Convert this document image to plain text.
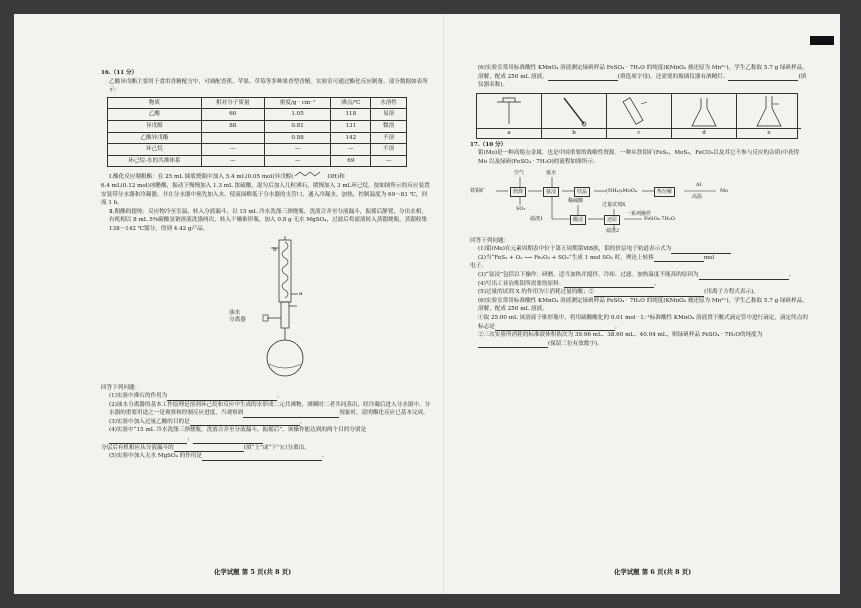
16.（11 分）

乙酸异戊酯主要用于食用香精配方中，可调配香蕉、苹果、草莓等多种果香型香精。实验室可通过酯化反应制备，部分数据如表所示：

物质	相对分子质量	密度/g · cm⁻¹	沸点/℃	水溶性
乙酸	60	1.05	118	易溶
异戊醇	88	0.81	131	微溶
乙酸异戊酯		0.88	142	不溶
环己烷	—	—	—	不溶
环己烷-水的共沸体系	—	—	69	—

Ⅰ.酯化反应制粗酯：在 25 mL 圆底烧瓶中加入 5.4 mL(0.05 mol)异戊醇(	OH)和

6.4 mL(0.12 mol)冰醋酸，振动下慢慢加入 1.3 mL 浓硫酸，混匀后加入几粒沸石，缓慢加入 3 mL环己烷，按如图所示的反应装置安装带分水器和冷凝器，并在分水器中预先加入水，使液面略低于分水器的支管口，通入冷凝水，加热，控制温度为 69～81 ℃，回流 1 h。

Ⅱ.粗酯的提纯：反应物冷至室温，转入分液漏斗，以 15 mL 冷水洗涤三颈烧瓶，洗液合并至分液漏斗，振摇后静置，分出水相，有机相以 8 mL 5%碳酸氢钠溶液洗涤两次，转入干燥锥形瓶，加入 0.8 g 无水 MgSO₄，过滤后将滤液转入蒸馏烧瓶，蒸馏收集 138～142 ℃馏分，得到 4.42 g产品。

b
a
油水
分离器

回答下列问题：

(1)实验中沸石的作用为	。

(2)油水分离器的基本工作原理是溶剂环己烷和反应中生成的水形成二元共沸物，沸腾时二者共同蒸出，经冷凝后进入分水器中。分水器的重要用途之一是观察和控制反应进度，当观察到	现象时，说明酯化反应已基本完成。

(3)实验中加入过量乙酸的目的是	。

(4)实验中“15 mL 冷水洗涤三颈烧瓶，洗液合并至分液漏斗，振摇后”，该操作能达到的两个目的分别是；

分层后有机相应从分液漏斗的	(填“上”或“下”)口分离出。

(5)实验中加入无水 MgSO₄ 的作用是	。

化学试题 第 5 页(共 8 页)

(6)实验室常用标准酸性 KMnO₄ 溶液测定绿矾样品 FeSO₄ · 7H₂O 的纯度(KMnO₄ 被还原为 Mn²⁺)，学生乙称取 5.7 g 绿矾样品，溶解，配成 250 mL 溶液。	(填选项字母)，还需要的玻璃仪器有酒精灯、	(填仪器名称)。

a	b	c	d	e

17.（10 分）

钼(Mo)是一种高熔点金属，也是中国重要的战略性资源。一种从铁钼矿(FeS₂，MoS₂，FeCO₃以及其它不参与反应的杂质)中获得 Mo 以及绿矾(FeSO₄ · 7H₂O)的流程如图所示：

铁钼矿
空气
焙烧
SO₂
氨水
氨浸	结晶	(NH₄)₂MoO₄	热分解
Al
高温
Mo
稀硫酸
过量试剂X
滤渣1	酸浸	还原
一系列操作
FeSO₄·7H₂O
滤渣2

回答下列问题：

(1)钼(Mo)在元素周期表中位于第五周期第ⅥB族，钼的价层电子轨道表示式为

(2)当“FeS₂ + O₂ ⟶ Fe₂O₃ + SO₂”生成 1 mol SO₂ 时，理论上转移	mol

电子。

(3)“氨浸”包括以下操作：研磨、适当加热并搅拌、冷却、过滤。加热温度不能高的原因为	。

(4)写出工业冶炼钼所需要的原料：	。

(5)过量的试剂 X 的作用为①消耗过量的酸；②	(用离子方程式表示)。

(6)实验室常用标准酸性 KMnO₄ 溶液测定绿矾样品 FeSO₄ · 7H₂O 的纯度(KMnO₄ 被还原为 Mn²⁺)，学生乙称取 5.7 g 绿矾样品，溶解，配成 250 mL 溶液。

①取 25.00 mL 该溶液于锥形瓶中，将用硫酸酸化的 0.01 mol · L⁻¹标准酸性 KMnO₄ 溶液置于酸式滴定管中进行滴定，滴定终点的标志是	。

②三次实验所消耗的标准液体积依次为 39.96 mL、38.60 mL、40.04 mL，则绿矾样品 FeSO₄ · 7H₂O的纯度为(保留三位有效数字)。

化学试题 第 6 页(共 8 页)
